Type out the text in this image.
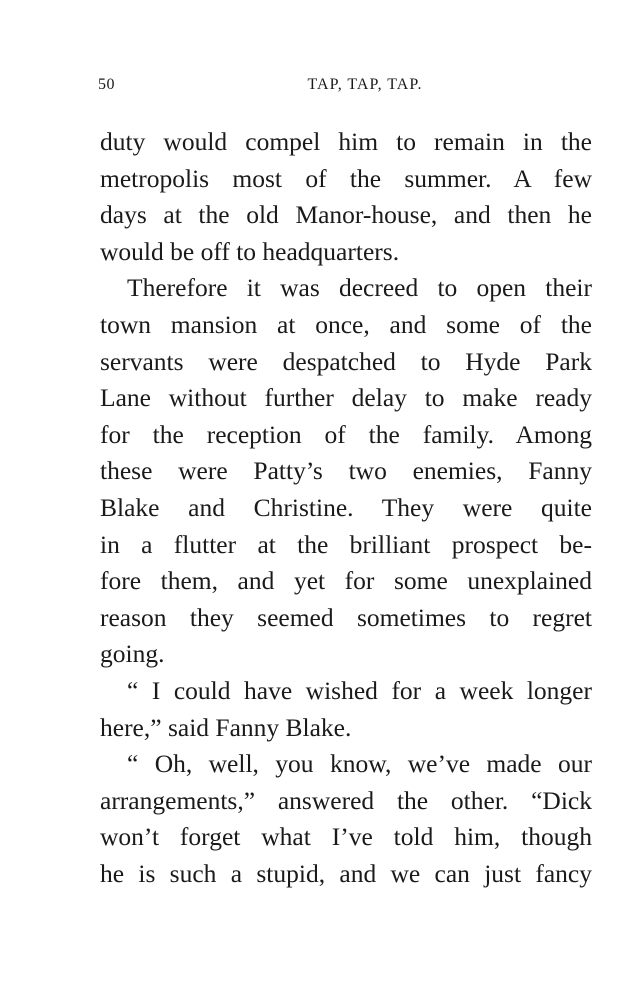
50	TAP, TAP, TAP.
duty would compel him to remain in the
metropolis most of the summer. A few
days at the old Manor-house, and then he
would be off to headquarters.
Therefore it was decreed to open their
town mansion at once, and some of the
servants were despatched to Hyde Park
Lane without further delay to make ready
for the reception of the family. Among
these were Patty’s two enemies, Fanny
Blake and Christine. They were quite
in a flutter at the brilliant prospect be-
fore them, and yet for some unexplained
reason they seemed sometimes to regret
going.
“ I could have wished for a week longer
here,” said Fanny Blake.
“ Oh, well, you know, we’ve made our
arrangements,” answered the other. “Dick
won’t forget what I’ve told him, though
he is such a stupid, and we can just fancy
